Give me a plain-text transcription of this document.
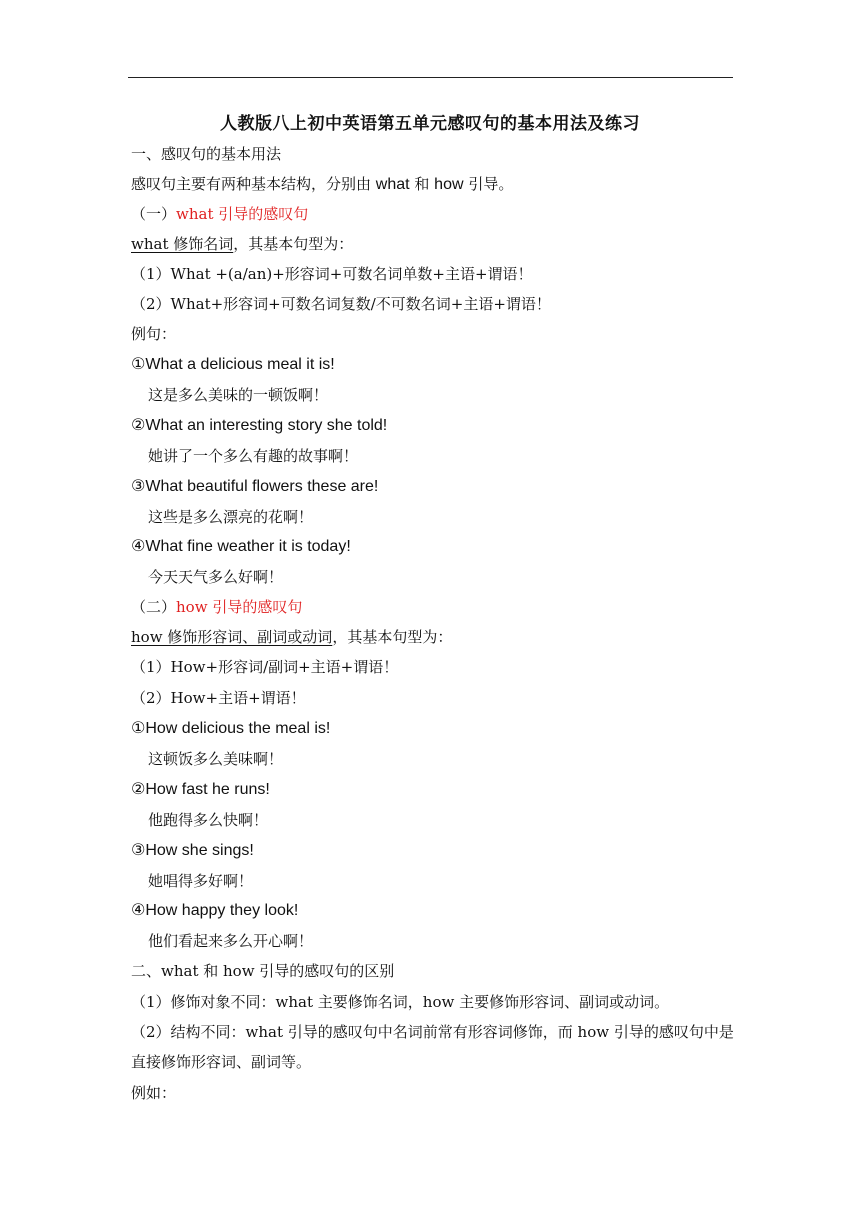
人教版八上初中英语第五单元感叹句的基本用法及练习
一、感叹句的基本用法
感叹句主要有两种基本结构，分别由 what 和 how 引导。
（一）what 引导的感叹句
what 修饰名词，其基本句型为：
（1）What +(a/an)+形容词+可数名词单数+主语+谓语！
（2）What+形容词+可数名词复数/不可数名词+主语+谓语！
例句：
①What a delicious meal it is!
这是多么美味的一顿饭啊！
②What an interesting story she told!
她讲了一个多么有趣的故事啊！
③What beautiful flowers these are!
这些是多么漂亮的花啊！
④What fine weather it is today!
今天天气多么好啊！
（二）how 引导的感叹句
how 修饰形容词、副词或动词，其基本句型为：
（1）How+形容词/副词+主语+谓语！
（2）How+主语+谓语！
①How delicious the meal is!
这顿饭多么美味啊！
②How fast he runs!
他跑得多么快啊！
③How she sings!
她唱得多好啊！
④How happy they look!
他们看起来多么开心啊！
二、what 和 how 引导的感叹句的区别
（1）修饰对象不同：what 主要修饰名词，how 主要修饰形容词、副词或动词。
（2）结构不同：what 引导的感叹句中名词前常有形容词修饰，而 how 引导的感叹句中是直接修饰形容词、副词等。
例如：
